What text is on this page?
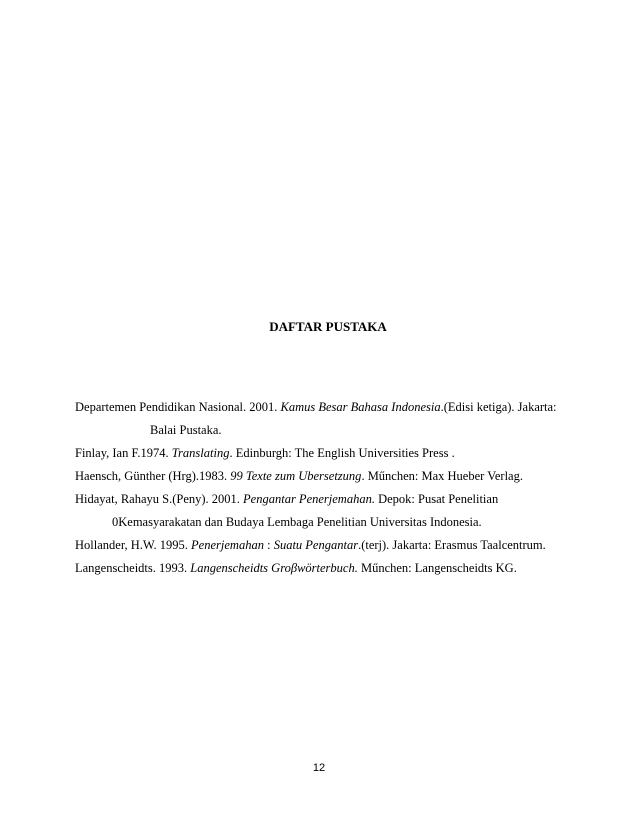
DAFTAR PUSTAKA
Departemen Pendidikan Nasional. 2001. Kamus Besar Bahasa Indonesia.(Edisi ketiga). Jakarta:
Balai Pustaka.
Finlay, Ian F.1974. Translating. Edinburgh: The English Universities Press .
Haensch, Günther (Hrg).1983. 99 Texte zum Ubersetzung. Műnchen: Max Hueber Verlag.
Hidayat, Rahayu S.(Peny). 2001. Pengantar Penerjemahan. Depok: Pusat Penelitian
0Kemasyarakatan dan Budaya Lembaga Penelitian Universitas Indonesia.
Hollander, H.W. 1995. Penerjemahan : Suatu Pengantar.(terj). Jakarta: Erasmus Taalcentrum.
Langenscheidts. 1993. Langenscheidts Groβwörterbuch. Műnchen: Langenscheidts KG.
12
